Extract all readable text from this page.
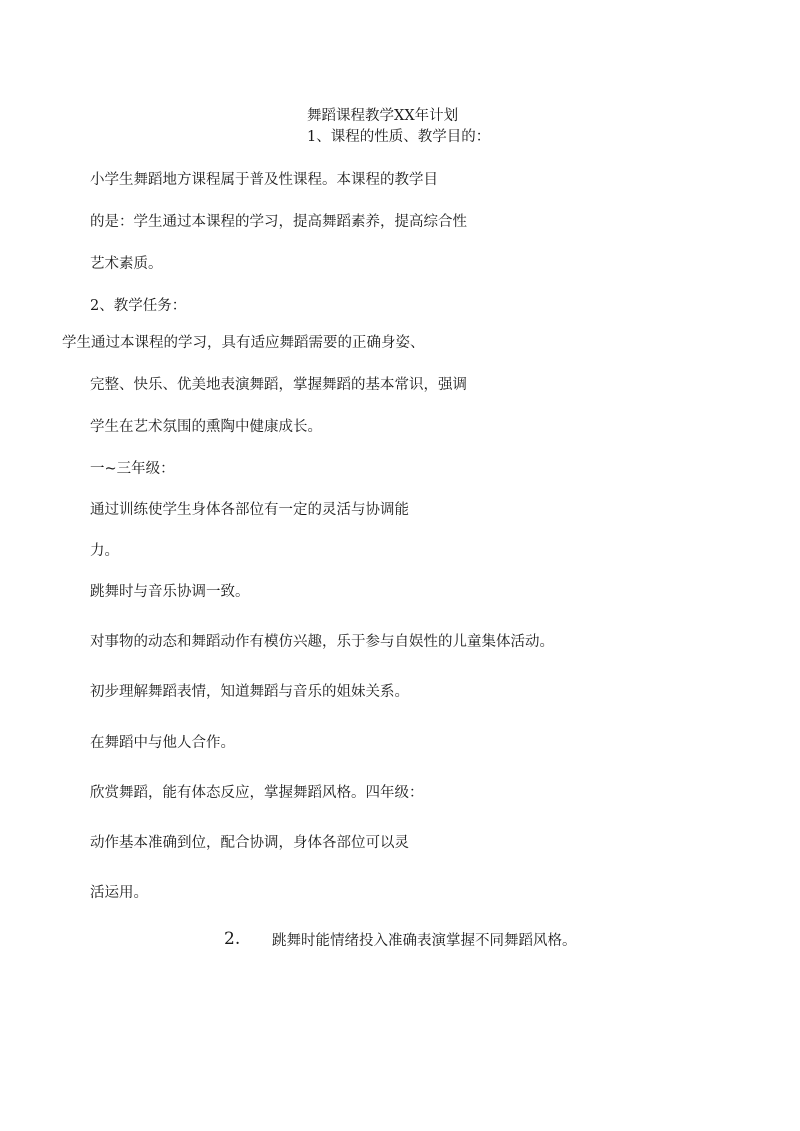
舞蹈课程教学XX年计划
1、课程的性质、教学目的：
小学生舞蹈地方课程属于普及性课程。本课程的教学目
的是：学生通过本课程的学习，提高舞蹈素养，提高综合性
艺术素质。
2、教学任务：
学生通过本课程的学习，具有适应舞蹈需要的正确身姿、
完整、快乐、优美地表演舞蹈，掌握舞蹈的基本常识，强调
学生在艺术氛围的熏陶中健康成长。
一~三年级：
通过训练使学生身体各部位有一定的灵活与协调能
力。
跳舞时与音乐协调一致。
对事物的动态和舞蹈动作有模仿兴趣，乐于参与自娱性的儿童集体活动。
初步理解舞蹈表情，知道舞蹈与音乐的姐妹关系。
在舞蹈中与他人合作。
欣赏舞蹈，能有体态反应，掌握舞蹈风格。四年级：
动作基本准确到位，配合协调，身体各部位可以灵
活运用。
2. 跳舞时能情绪投入准确表演掌握不同舞蹈风格。
